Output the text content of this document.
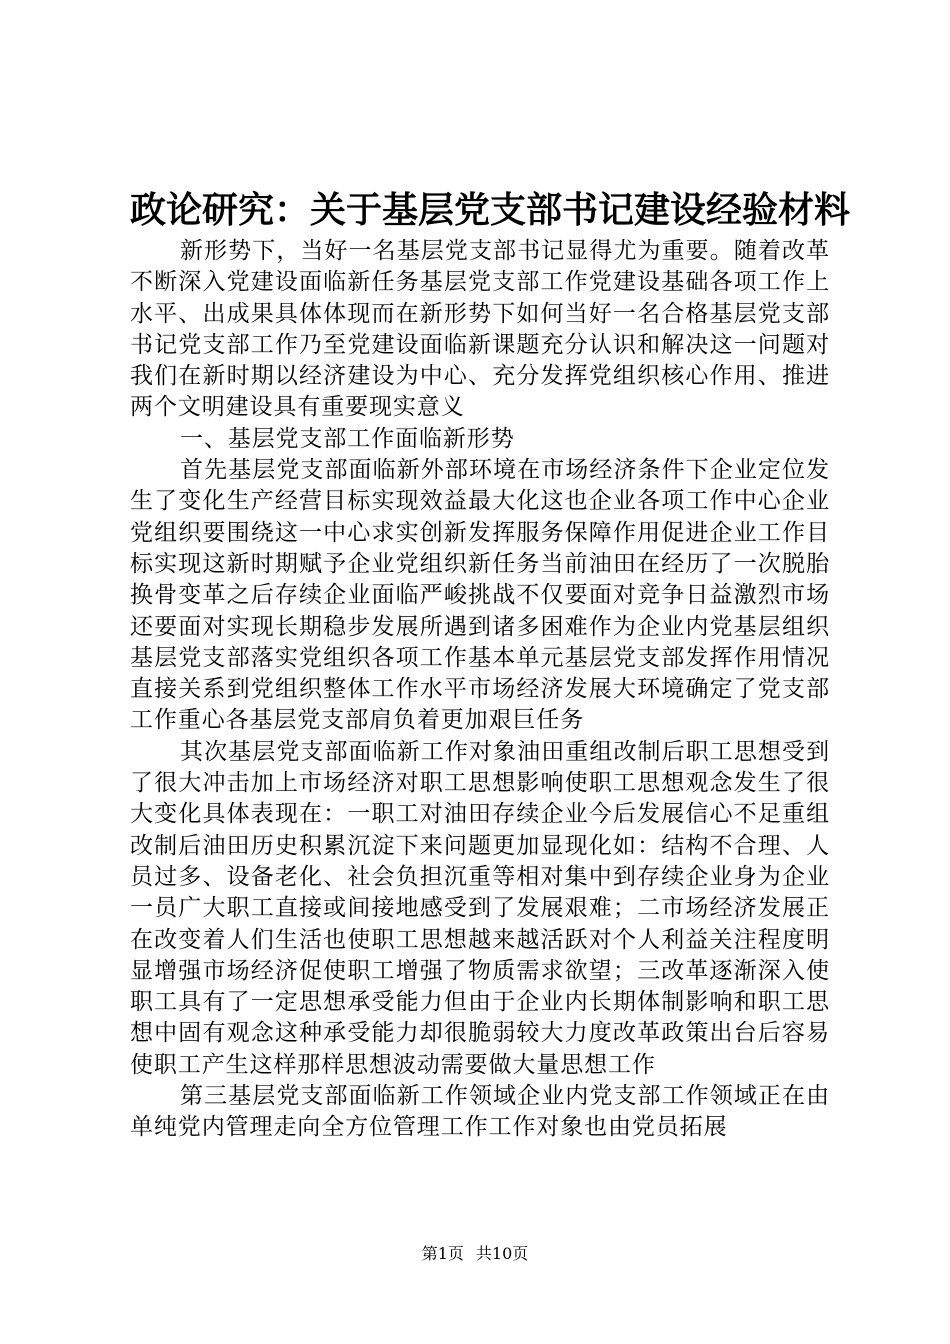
政论研究：关于基层党支部书记建设经验材料

新形势下，当好一名基层党支部书记显得尤为重要。随着改革不断深入党建设面临新任务基层党支部工作党建设基础各项工作上水平、出成果具体体现而在新形势下如何当好一名合格基层党支部书记党支部工作乃至党建设面临新课题充分认识和解决这一问题对我们在新时期以经济建设为中心、充分发挥党组织核心作用、推进两个文明建设具有重要现实意义

一、基层党支部工作面临新形势

首先基层党支部面临新外部环境在市场经济条件下企业定位发生了变化生产经营目标实现效益最大化这也企业各项工作中心企业党组织要围绕这一中心求实创新发挥服务保障作用促进企业工作目标实现这新时期赋予企业党组织新任务当前油田在经历了一次脱胎换骨变革之后存续企业面临严峻挑战不仅要面对竞争日益激烈市场还要面对实现长期稳步发展所遇到诸多困难作为企业内党基层组织基层党支部落实党组织各项工作基本单元基层党支部发挥作用情况直接关系到党组织整体工作水平市场经济发展大环境确定了党支部工作重心各基层党支部肩负着更加艰巨任务

其次基层党支部面临新工作对象油田重组改制后职工思想受到了很大冲击加上市场经济对职工思想影响使职工思想观念发生了很大变化具体表现在：一职工对油田存续企业今后发展信心不足重组改制后油田历史积累沉淀下来问题更加显现化如：结构不合理、人员过多、设备老化、社会负担沉重等相对集中到存续企业身为企业一员广大职工直接或间接地感受到了发展艰难；二市场经济发展正在改变着人们生活也使职工思想越来越活跃对个人利益关注程度明显增强市场经济促使职工增强了物质需求欲望；三改革逐渐深入使职工具有了一定思想承受能力但由于企业内长期体制影响和职工思想中固有观念这种承受能力却很脆弱较大力度改革政策出台后容易使职工产生这样那样思想波动需要做大量思想工作

第三基层党支部面临新工作领域企业内党支部工作领域正在由单纯党内管理走向全方位管理工作工作对象也由党员拓展

第1页 共10页
